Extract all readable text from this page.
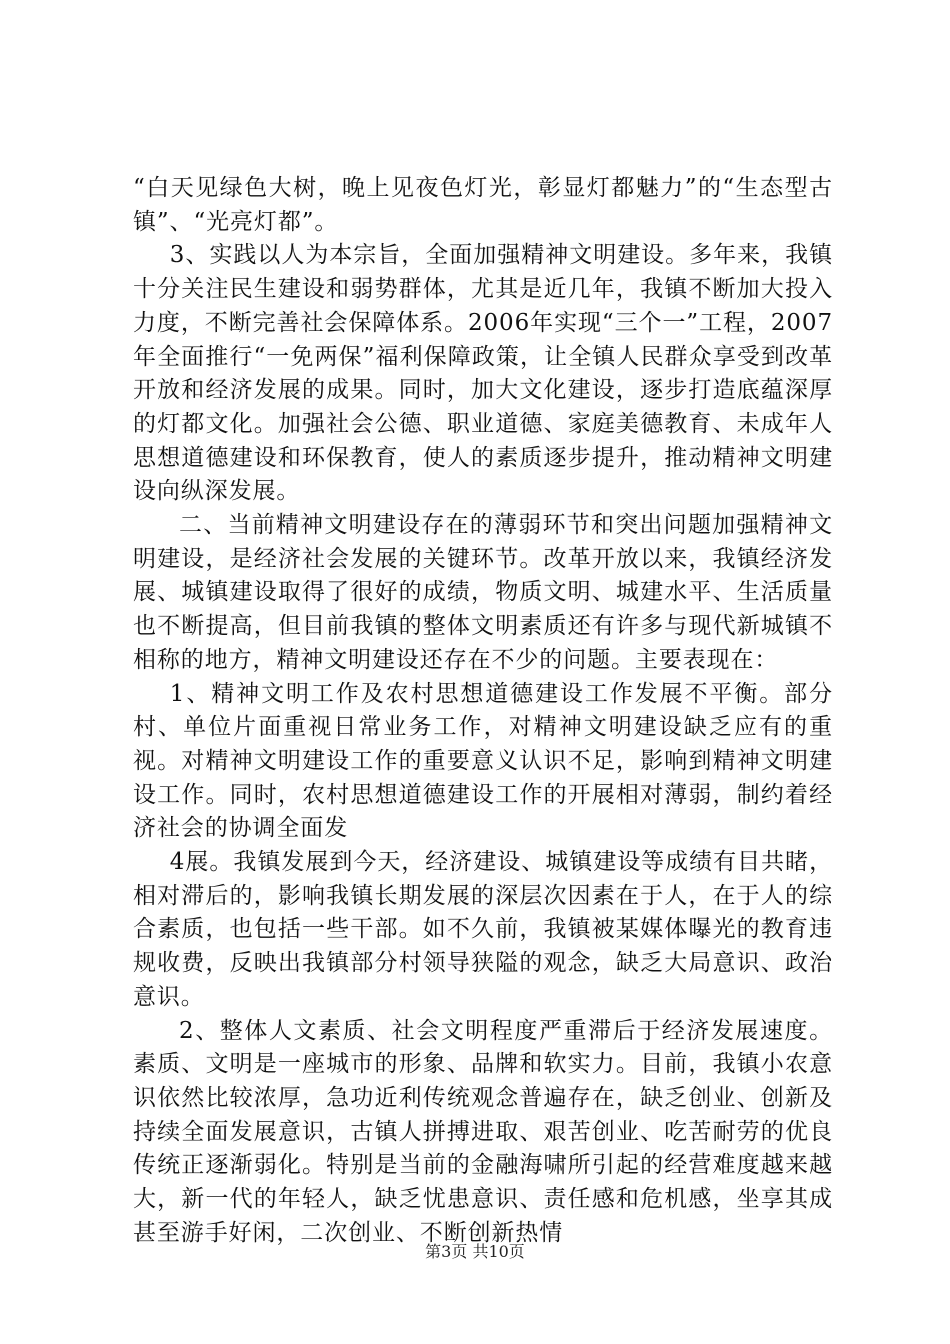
“白天见绿色大树，晚上见夜色灯光，彰显灯都魅力”的“生态型古镇”、“光亮灯都”。

3、实践以人为本宗旨，全面加强精神文明建设。多年来，我镇十分关注民生建设和弱势群体，尤其是近几年，我镇不断加大投入力度，不断完善社会保障体系。2006年实现“三个一”工程，2007年全面推行“一免两保”福利保障政策，让全镇人民群众享受到改革开放和经济发展的成果。同时，加大文化建设，逐步打造底蕴深厚的灯都文化。加强社会公德、职业道德、家庭美德教育、未成年人思想道德建设和环保教育，使人的素质逐步提升，推动精神文明建设向纵深发展。

二、当前精神文明建设存在的薄弱环节和突出问题加强精神文明建设，是经济社会发展的关键环节。改革开放以来，我镇经济发展、城镇建设取得了很好的成绩，物质文明、城建水平、生活质量也不断提高，但目前我镇的整体文明素质还有许多与现代新城镇不相称的地方，精神文明建设还存在不少的问题。主要表现在：

1、精神文明工作及农村思想道德建设工作发展不平衡。部分村、单位片面重视日常业务工作，对精神文明建设缺乏应有的重视。对精神文明建设工作的重要意义认识不足，影响到精神文明建设工作。同时，农村思想道德建设工作的开展相对薄弱，制约着经济社会的协调全面发

4展。我镇发展到今天，经济建设、城镇建设等成绩有目共睹，相对滞后的，影响我镇长期发展的深层次因素在于人，在于人的综合素质，也包括一些干部。如不久前，我镇被某媒体曝光的教育违规收费，反映出我镇部分村领导狭隘的观念，缺乏大局意识、政治意识。

2、整体人文素质、社会文明程度严重滞后于经济发展速度。素质、文明是一座城市的形象、品牌和软实力。目前，我镇小农意识依然比较浓厚，急功近利传统观念普遍存在，缺乏创业、创新及持续全面发展意识，古镇人拼搏进取、艰苦创业、吃苦耐劳的优良传统正逐渐弱化。特别是当前的金融海啸所引起的经营难度越来越大，新一代的年轻人，缺乏忧患意识、责任感和危机感，坐享其成甚至游手好闲，二次创业、不断创新热情

第3页 共10页
